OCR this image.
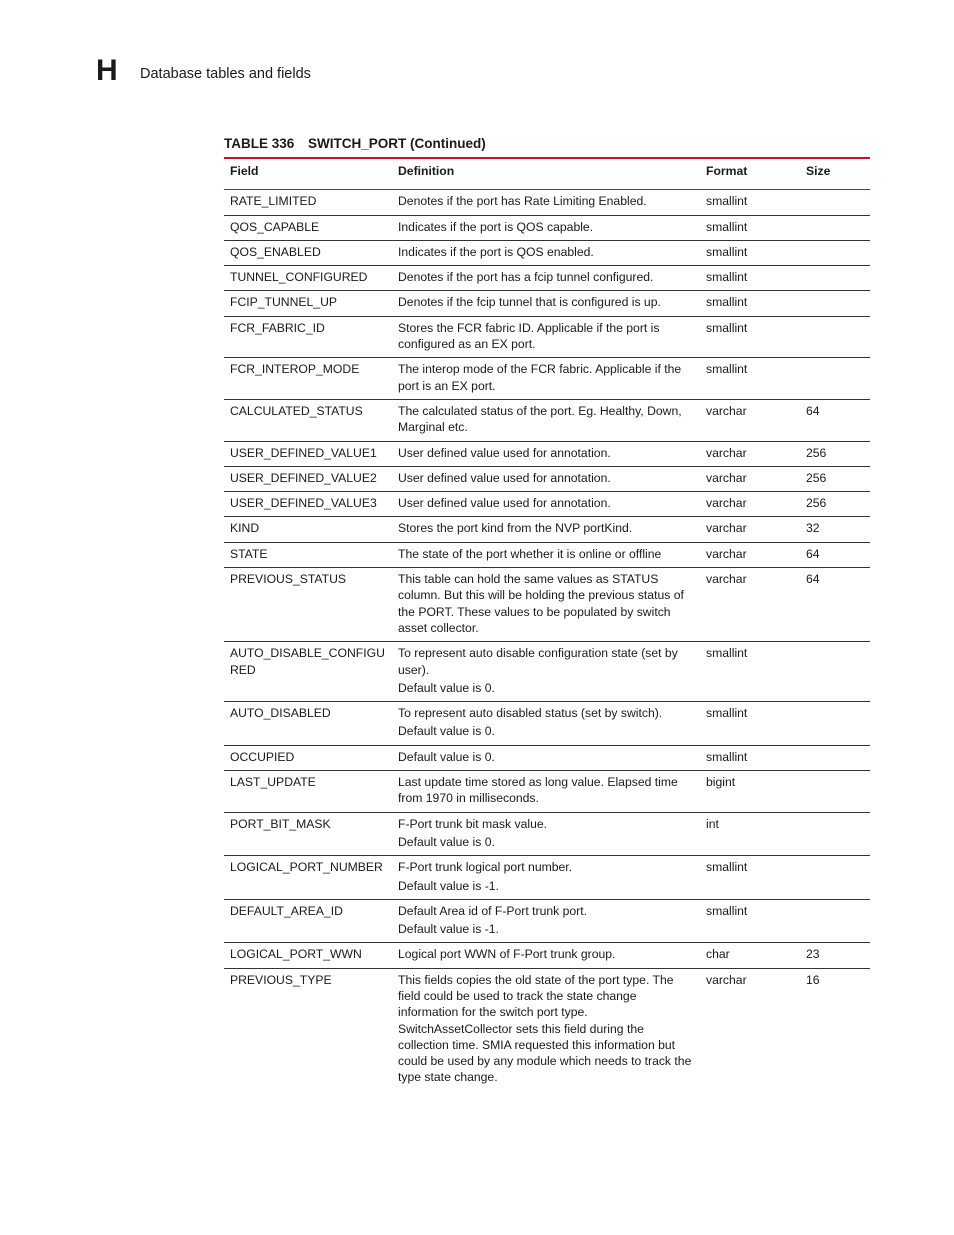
H Database tables and fields
TABLE 336 SWITCH_PORT (Continued)
Field	Definition	Format	Size
RATE_LIMITED	Denotes if the port has Rate Limiting Enabled.	smallint	
QOS_CAPABLE	Indicates if the port is QOS capable.	smallint	
QOS_ENABLED	Indicates if the port is QOS enabled.	smallint	
TUNNEL_CONFIGURED	Denotes if the port has a fcip tunnel configured.	smallint	
FCIP_TUNNEL_UP	Denotes if the fcip tunnel that is configured is up.	smallint	
FCR_FABRIC_ID	Stores the FCR fabric ID. Applicable if the port is configured as an EX port.	smallint	
FCR_INTEROP_MODE	The interop mode of the FCR fabric. Applicable if the port is an EX port.	smallint	
CALCULATED_STATUS	The calculated status of the port. Eg. Healthy, Down, Marginal etc.	varchar	64
USER_DEFINED_VALUE1	User defined value used for annotation.	varchar	256
USER_DEFINED_VALUE2	User defined value used for annotation.	varchar	256
USER_DEFINED_VALUE3	User defined value used for annotation.	varchar	256
KIND	Stores the port kind from the NVP portKind.	varchar	32
STATE	The state of the port whether it is online or offline	varchar	64
PREVIOUS_STATUS	This table can hold the same values as STATUS column. But this will be holding the previous status of the PORT. These values to be populated by switch asset collector.	varchar	64
AUTO_DISABLE_CONFIGURED	To represent auto disable configuration state (set by user).
Default value is 0.	smallint	
AUTO_DISABLED	To represent auto disabled status (set by switch).
Default value is 0.	smallint	
OCCUPIED	Default value is 0.	smallint	
LAST_UPDATE	Last update time stored as long value. Elapsed time from 1970 in milliseconds.	bigint	
PORT_BIT_MASK	F-Port trunk bit mask value.
Default value is 0.	int	
LOGICAL_PORT_NUMBER	F-Port trunk logical port number.
Default value is -1.	smallint	
DEFAULT_AREA_ID	Default Area id of F-Port trunk port.
Default value is -1.	smallint	
LOGICAL_PORT_WWN	Logical port WWN of F-Port trunk group.	char	23
PREVIOUS_TYPE	This fields copies the old state of the port type. The field could be used to track the state change information for the switch port type. SwitchAssetCollector sets this field during the collection time. SMIA requested this information but could be used by any module which needs to track the type state change.	varchar	16
